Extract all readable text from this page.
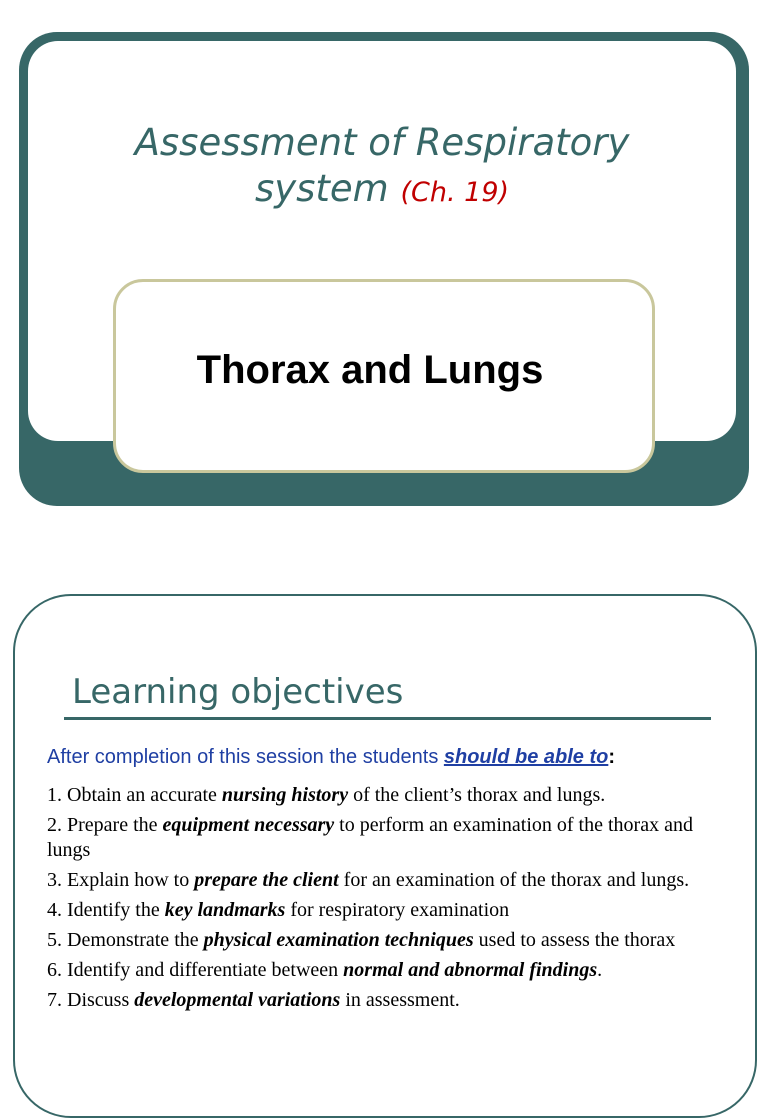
Assessment of Respiratory
system (Ch. 19)
Thorax and Lungs
Learning objectives
After completion of this session the students should be able to:
1. Obtain an accurate nursing history of the client’s thorax and lungs.
2. Prepare the equipment necessary to perform an examination of the thorax and lungs
3. Explain how to prepare the client for an examination of the thorax and lungs.
4. Identify the key landmarks for respiratory examination
5. Demonstrate the physical examination techniques used to assess the thorax
6. Identify and differentiate between normal and abnormal findings.
7. Discuss developmental variations in assessment.
